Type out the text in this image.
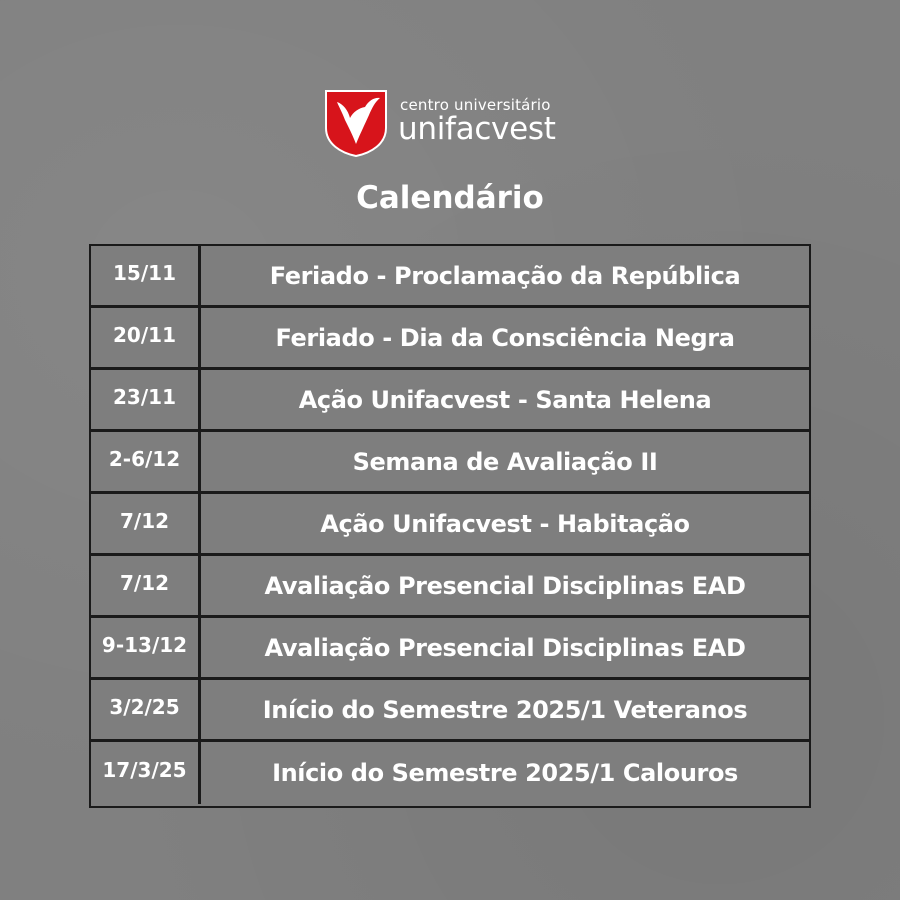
centro universitário
unifacvest
Calendário
15/11	Feriado - Proclamação da República
20/11	Feriado - Dia da Consciência Negra
23/11	Ação Unifacvest - Santa Helena
2-6/12	Semana de Avaliação II
7/12	Ação Unifacvest - Habitação
7/12	Avaliação Presencial Disciplinas EAD
9-13/12	Avaliação Presencial Disciplinas EAD
3/2/25	Início do Semestre 2025/1 Veteranos
17/3/25	Início do Semestre 2025/1 Calouros
